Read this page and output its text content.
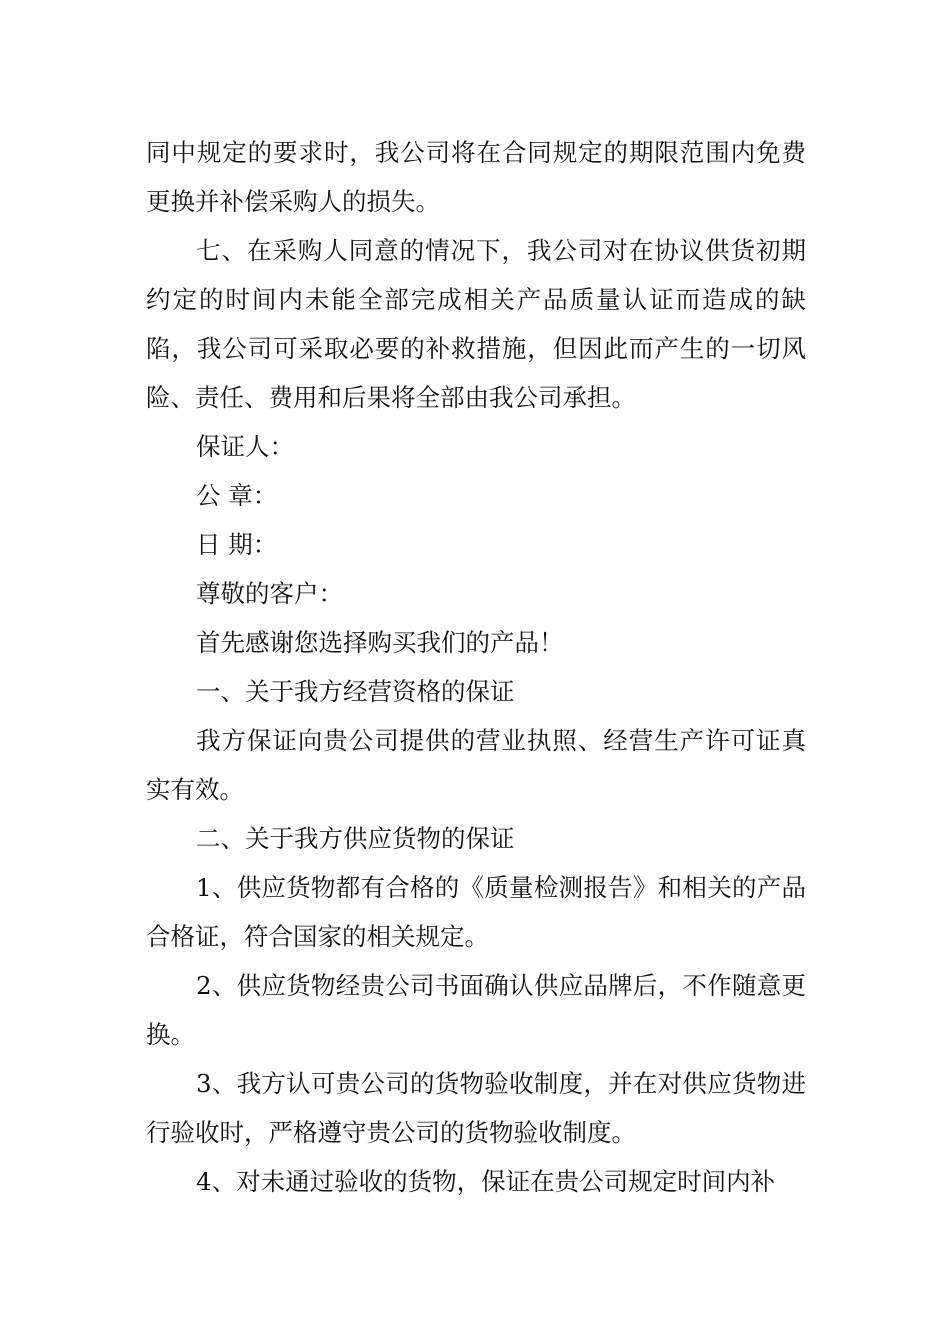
同中规定的要求时，我公司将在合同规定的期限范围内免费更换并补偿采购人的损失。

七、在采购人同意的情况下，我公司对在协议供货初期约定的时间内未能全部完成相关产品质量认证而造成的缺陷，我公司可采取必要的补救措施，但因此而产生的一切风险、责任、费用和后果将全部由我公司承担。

保证人：

公 章：

日 期：

尊敬的客户：

首先感谢您选择购买我们的产品！

一、关于我方经营资格的保证

我方保证向贵公司提供的营业执照、经营生产许可证真实有效。

二、关于我方供应货物的保证

1、供应货物都有合格的《质量检测报告》和相关的产品合格证，符合国家的相关规定。

2、供应货物经贵公司书面确认供应品牌后，不作随意更换。

3、我方认可贵公司的货物验收制度，并在对供应货物进行验收时，严格遵守贵公司的货物验收制度。

4、对未通过验收的货物，保证在贵公司规定时间内补
